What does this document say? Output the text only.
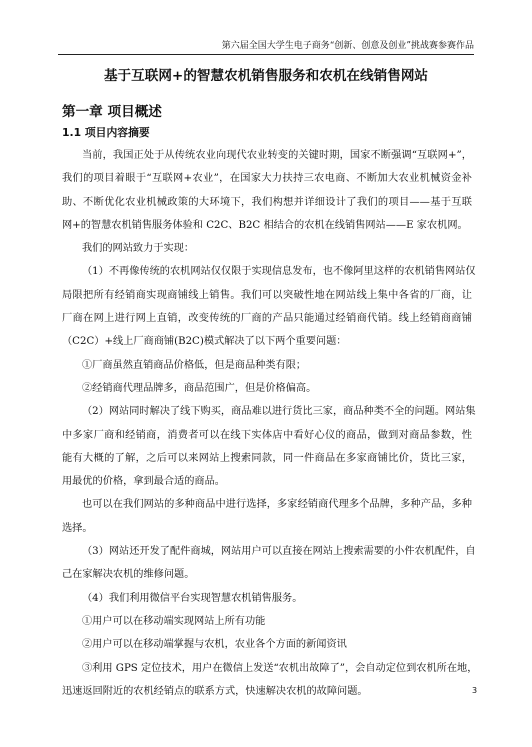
第六届全国大学生电子商务“创新、创意及创业”挑战赛参赛作品
基于互联网+的智慧农机销售服务和农机在线销售网站
第一章 项目概述
1.1 项目内容摘要

当前，我国正处于从传统农业向现代农业转变的关键时期，国家不断强调“互联网+”，
我们的项目着眼于“互联网+农业”，在国家大力扶持三农电商、不断加大农业机械资金补
助、不断优化农业机械政策的大环境下，我们构想并详细设计了我们的项目——基于互联
网+的智慧农机销售服务体验和 C2C、B2C 相结合的农机在线销售网站——E 家农机网。

我们的网站致力于实现：

（1）不再像传统的农机网站仅仅限于实现信息发布，也不像阿里这样的农机销售网站仅
局限把所有经销商实现商铺线上销售。我们可以突破性地在网站线上集中各省的厂商，让
厂商在网上进行网上直销，改变传统的厂商的产品只能通过经销商代销。线上经销商商铺
（C2C）+线上厂商商铺(B2C)模式解决了以下两个重要问题：

①厂商虽然直销商品价格低，但是商品种类有限；

②经销商代理品牌多，商品范围广，但是价格偏高。

（2）网站同时解决了线下购买，商品难以进行货比三家，商品种类不全的问题。网站集
中多家厂商和经销商，消费者可以在线下实体店中看好心仪的商品，做到对商品参数，性
能有大概的了解，之后可以来网站上搜索同款，同一件商品在多家商铺比价，货比三家，
用最优的价格，拿到最合适的商品。

也可以在我们网站的多种商品中进行选择，多家经销商代理多个品牌，多种产品，多种
选择。

（3）网站还开发了配件商城，网站用户可以直接在网站上搜索需要的小件农机配件，自
己在家解决农机的维修问题。

（4）我们利用微信平台实现智慧农机销售服务。

①用户可以在移动端实现网站上所有功能

②用户可以在移动端掌握与农机，农业各个方面的新闻资讯

③利用 GPS 定位技术，用户在微信上发送“农机出故障了”，会自动定位到农机所在地，
迅速返回附近的农机经销点的联系方式，快速解决农机的故障问题。	3
